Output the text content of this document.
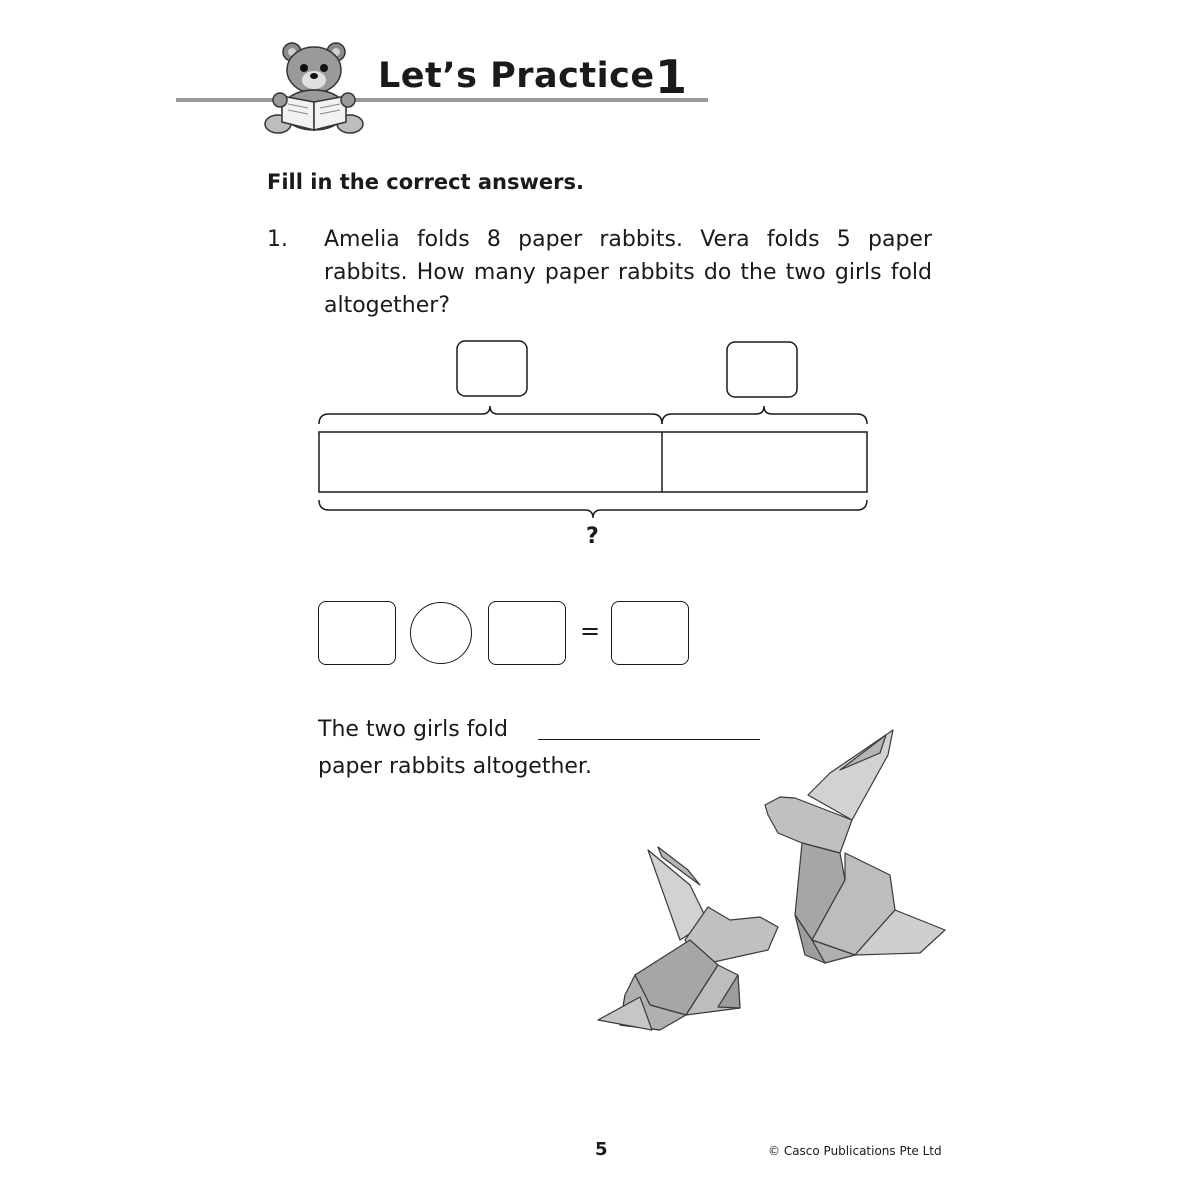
Let’s Practice 1
Fill in the correct answers.
1. Amelia folds 8 paper rabbits. Vera folds 5 paper rabbits. How many paper rabbits do the two girls fold altogether?
?
=
The two girls fold
paper rabbits altogether.
5	© Casco Publications Pte Ltd
